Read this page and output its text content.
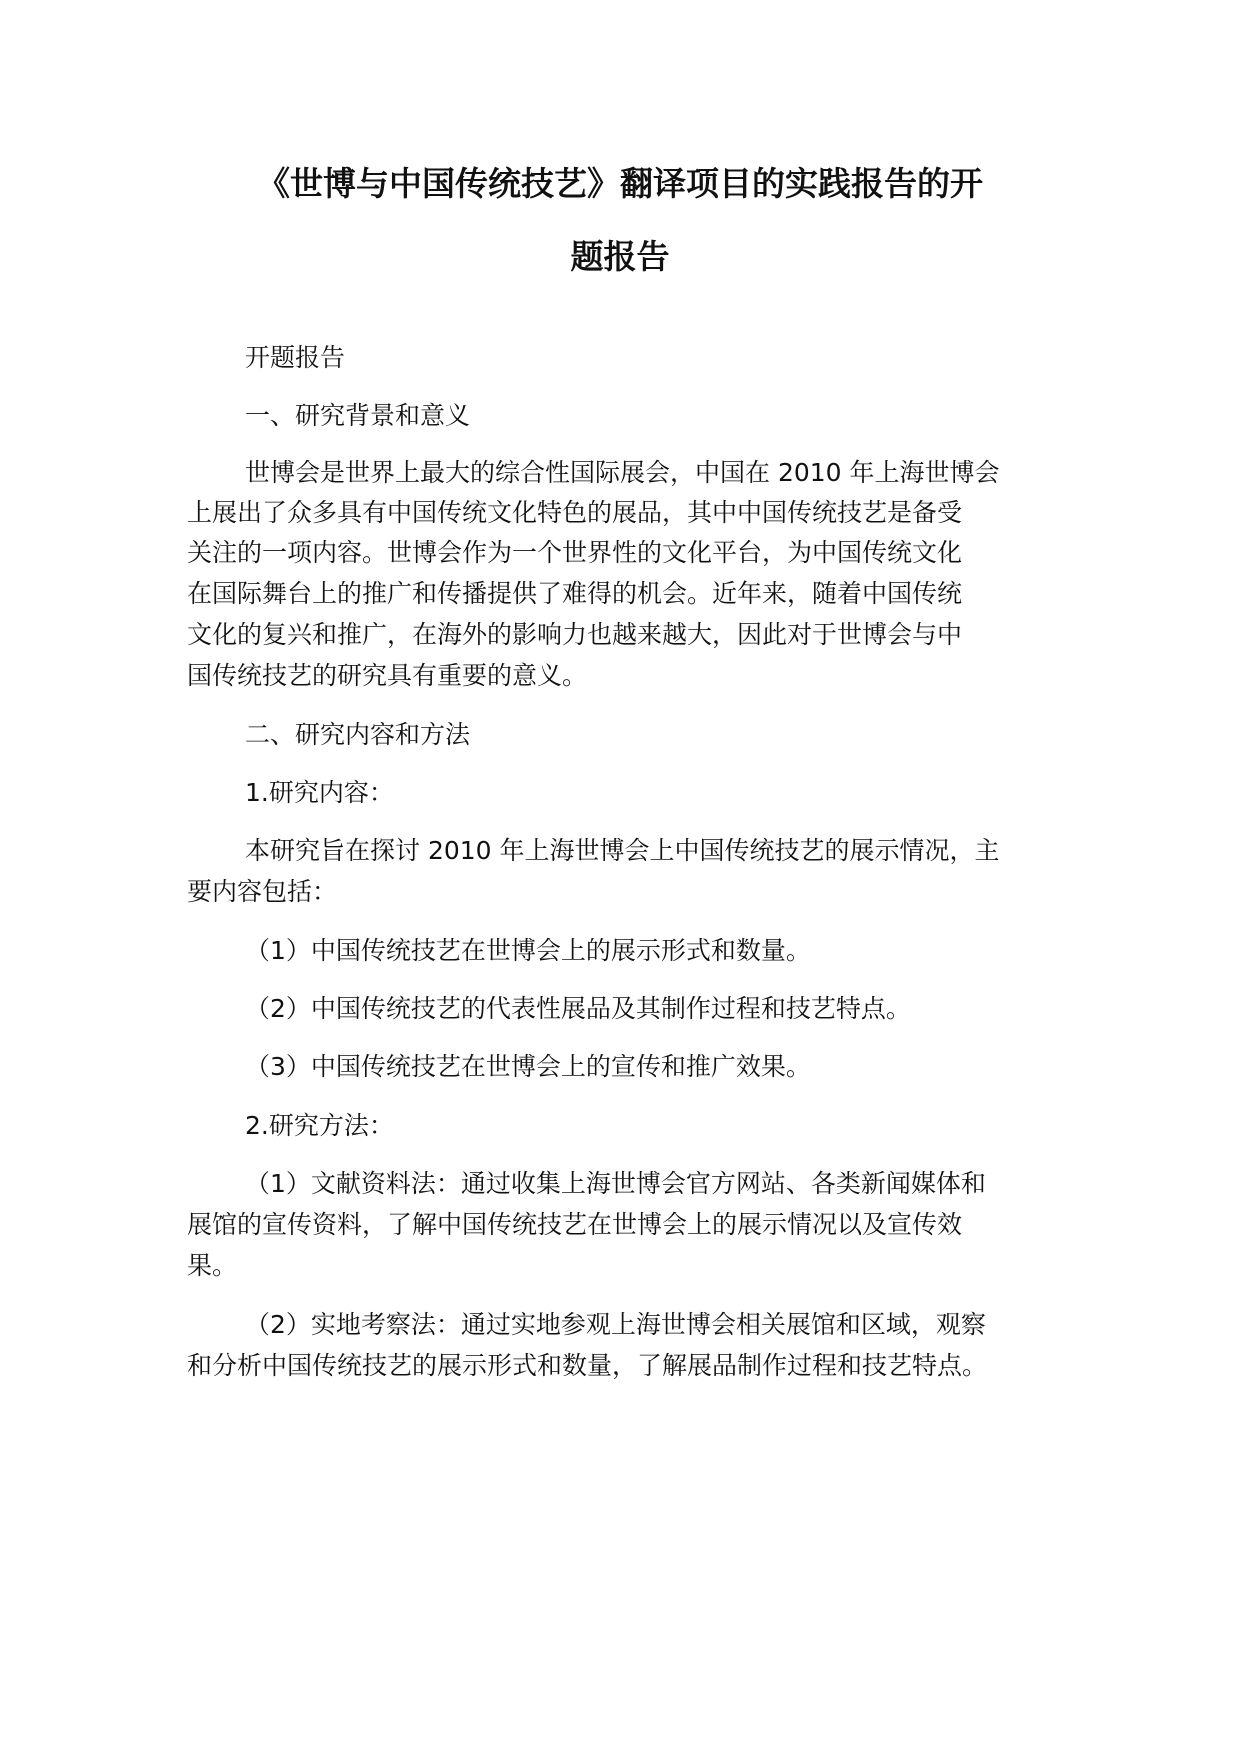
《世博与中国传统技艺》翻译项目的实践报告的开
题报告

开题报告

一、研究背景和意义

世博会是世界上最大的综合性国际展会，中国在 2010 年上海世博会

上展出了众多具有中国传统文化特色的展品，其中中国传统技艺是备受

关注的一项内容。世博会作为一个世界性的文化平台，为中国传统文化

在国际舞台上的推广和传播提供了难得的机会。近年来，随着中国传统

文化的复兴和推广，在海外的影响力也越来越大，因此对于世博会与中

国传统技艺的研究具有重要的意义。

二、研究内容和方法

1.研究内容：

本研究旨在探讨 2010 年上海世博会上中国传统技艺的展示情况，主

要内容包括：

（1）中国传统技艺在世博会上的展示形式和数量。

（2）中国传统技艺的代表性展品及其制作过程和技艺特点。

（3）中国传统技艺在世博会上的宣传和推广效果。

2.研究方法：

（1）文献资料法：通过收集上海世博会官方网站、各类新闻媒体和

展馆的宣传资料，了解中国传统技艺在世博会上的展示情况以及宣传效

果。

（2）实地考察法：通过实地参观上海世博会相关展馆和区域，观察

和分析中国传统技艺的展示形式和数量，了解展品制作过程和技艺特点。
